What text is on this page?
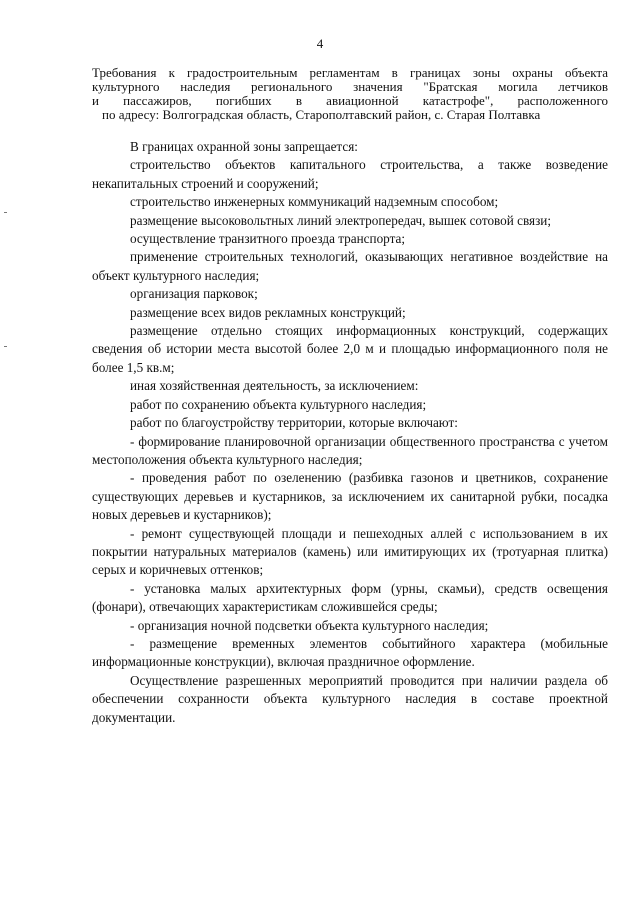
4
Требования к градостроительным регламентам в границах зоны охраны объекта
культурного наследия регионального значения "Братская могила летчиков
и пассажиров, погибших в авиационной катастрофе", расположенного
по адресу: Волгоградская область, Старополтавский район, с. Старая Полтавка

В границах охранной зоны запрещается:

строительство объектов капитального строительства, а также возведение некапитальных строений и сооружений;

строительство инженерных коммуникаций надземным способом;

размещение высоковольтных линий электропередач, вышек сотовой связи;

осуществление транзитного проезда транспорта;

применение строительных технологий, оказывающих негативное воздействие на объект культурного наследия;

организация парковок;

размещение всех видов рекламных конструкций;

размещение отдельно стоящих информационных конструкций, содержащих сведения об истории места высотой более 2,0 м и площадью информационного поля не более 1,5 кв.м;

иная хозяйственная деятельность, за исключением:

работ по сохранению объекта культурного наследия;

работ по благоустройству территории, которые включают:

- формирование планировочной организации общественного пространства с учетом местоположения объекта культурного наследия;

- проведения работ по озеленению (разбивка газонов и цветников, сохранение существующих деревьев и кустарников, за исключением их санитарной рубки, посадка новых деревьев и кустарников);

- ремонт существующей площади и пешеходных аллей с использованием в их покрытии натуральных материалов (камень) или имитирующих их (тротуарная плитка) серых и коричневых оттенков;

- установка малых архитектурных форм (урны, скамьи), средств освещения (фонари), отвечающих характеристикам сложившейся среды;

- организация ночной подсветки объекта культурного наследия;

- размещение временных элементов событийного характера (мобильные информационные конструкции), включая праздничное оформление.

Осуществление разрешенных мероприятий проводится при наличии раздела об обеспечении сохранности объекта культурного наследия в составе проектной документации.
